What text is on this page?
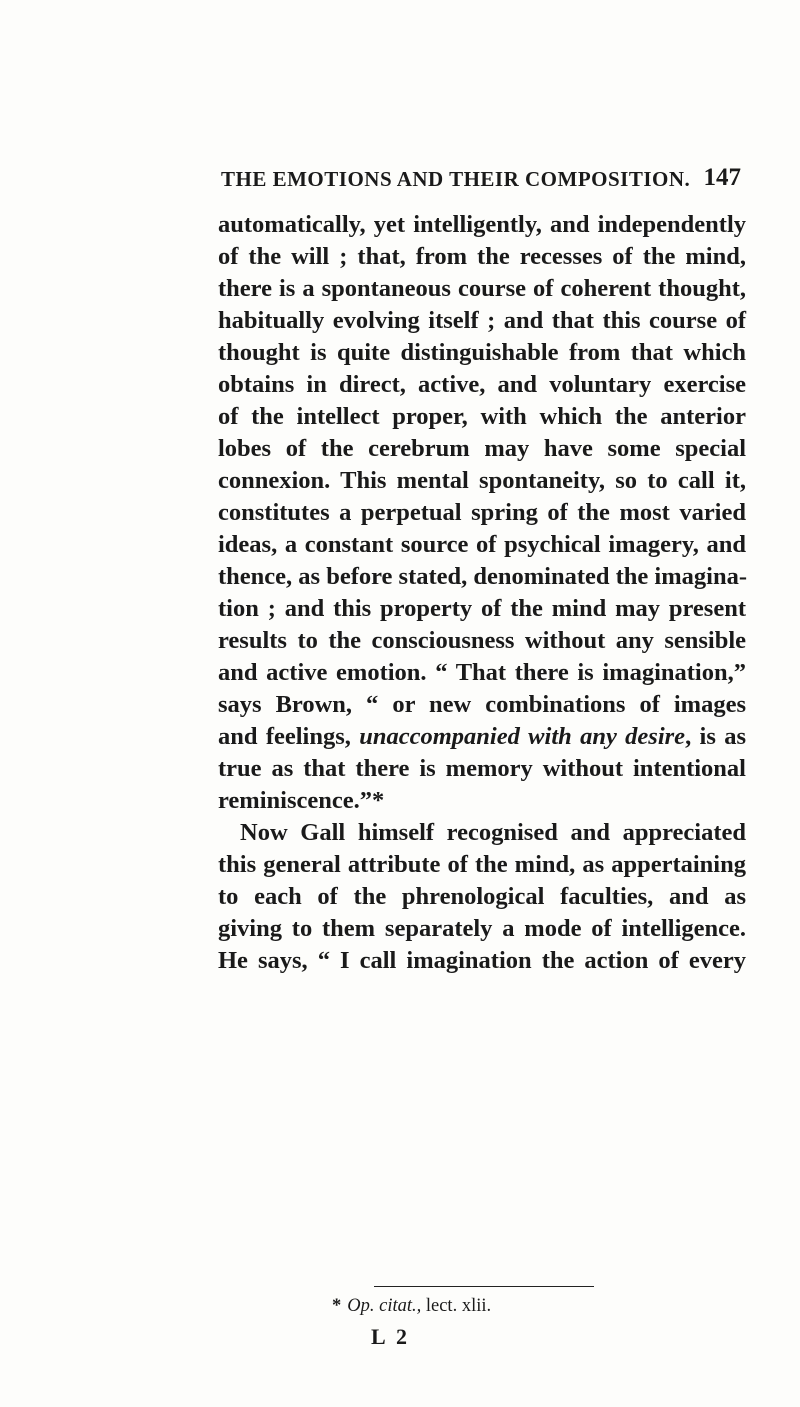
THE EMOTIONS AND THEIR COMPOSITION. 147
automatically, yet intelligently, and independently
of the will ; that, from the recesses of the mind,
there is a spontaneous course of coherent thought,
habitually evolving itself ; and that this course of
thought is quite distinguishable from that which
obtains in direct, active, and voluntary exercise
of the intellect proper, with which the anterior
lobes of the cerebrum may have some special
connexion. This mental spontaneity, so to call it,
constitutes a perpetual spring of the most varied
ideas, a constant source of psychical imagery, and
thence, as before stated, denominated the imagina-
tion ; and this property of the mind may present
results to the consciousness without any sensible
and active emotion. “ That there is imagination,”
says Brown, “ or new combinations of images
and feelings, unaccompanied with any desire, is as
true as that there is memory without intentional
reminiscence.”*
Now Gall himself recognised and appreciated
this general attribute of the mind, as appertaining
to each of the phrenological faculties, and as
giving to them separately a mode of intelligence.
He says, “ I call imagination the action of every
* Op. citat., lect. xlii.
L 2
